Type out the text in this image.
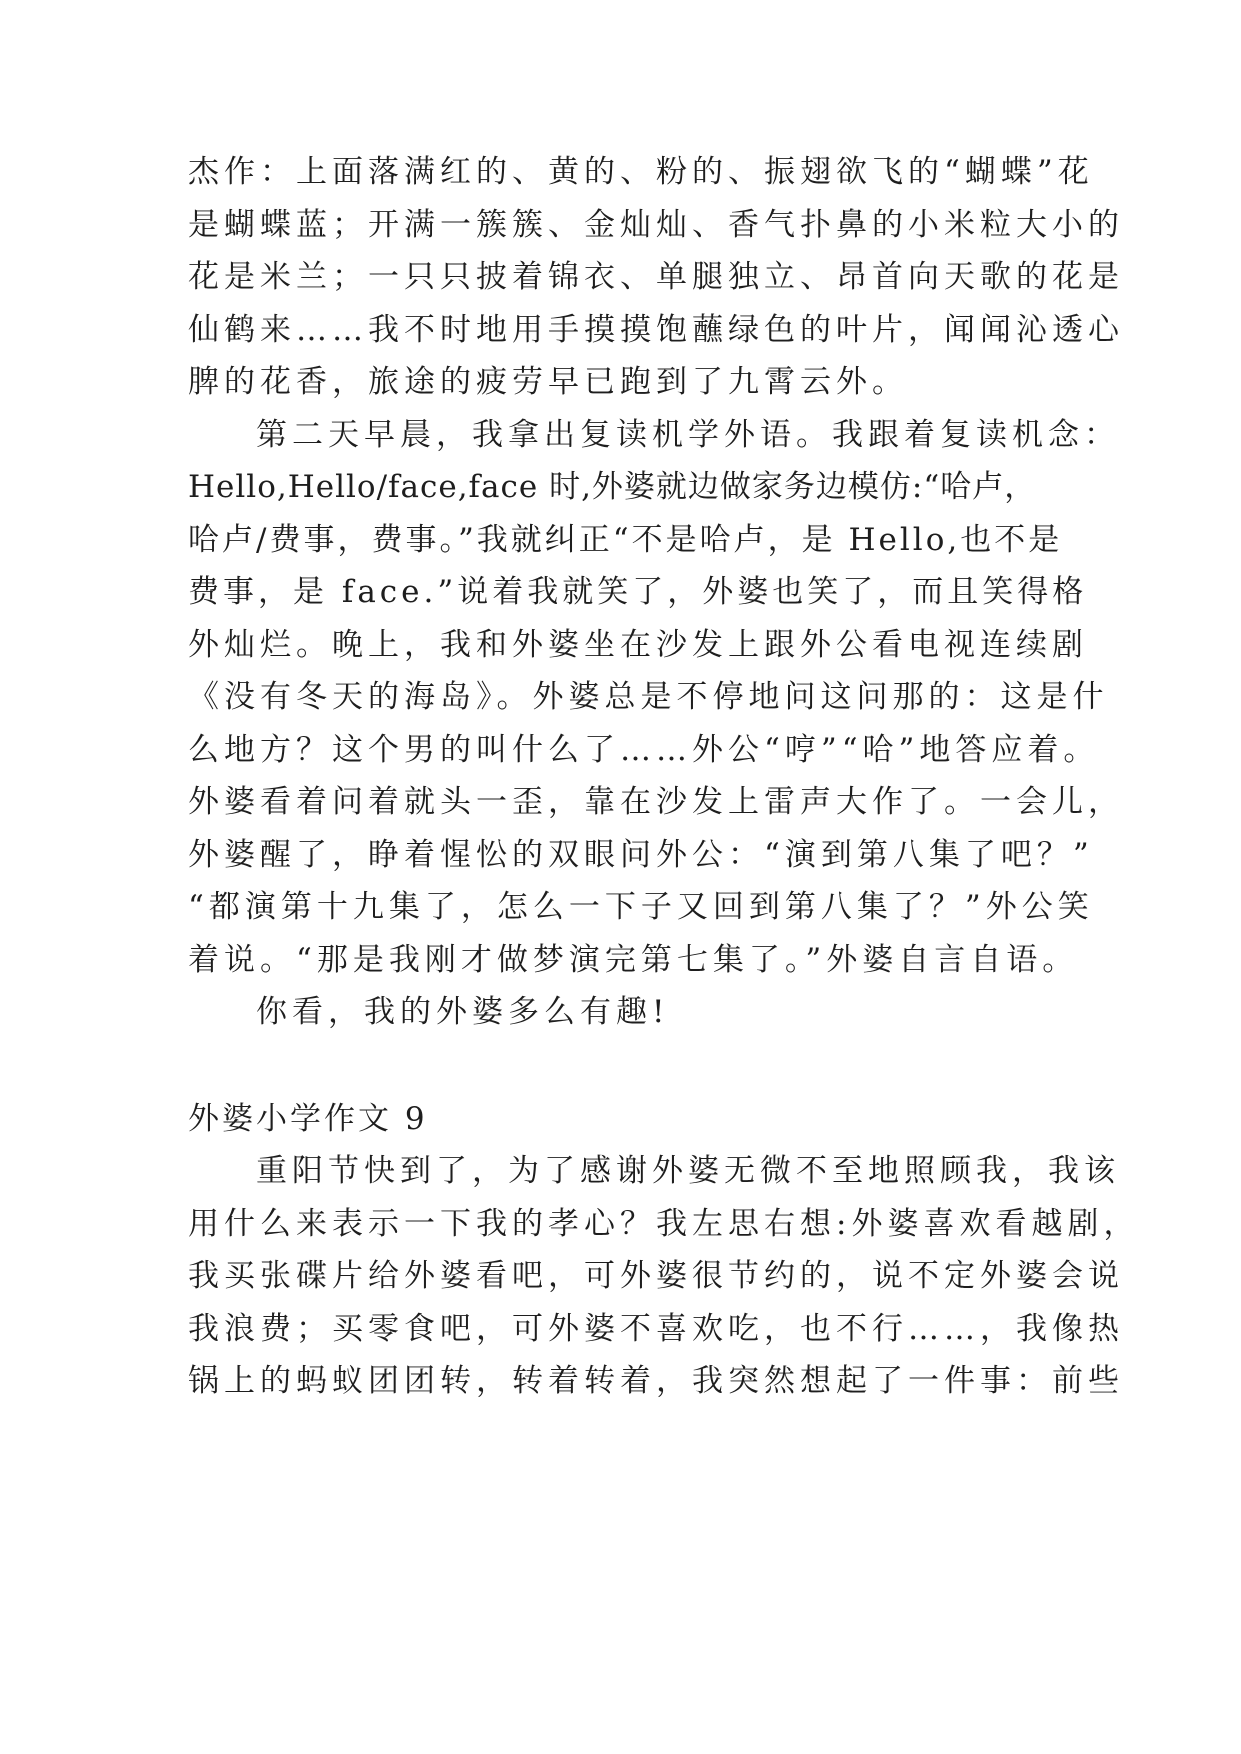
杰作：上面落满红的、黄的、粉的、振翅欲飞的“蝴蝶”花
是蝴蝶蓝；开满一簇簇、金灿灿、香气扑鼻的小米粒大小的
花是米兰；一只只披着锦衣、单腿独立、昂首向天歌的花是
仙鹤来……我不时地用手摸摸饱蘸绿色的叶片，闻闻沁透心
脾的花香，旅途的疲劳早已跑到了九霄云外。
第二天早晨，我拿出复读机学外语。我跟着复读机念：
Hello,Hello/face,face 时,外婆就边做家务边模仿:“哈卢，
哈卢/费事，费事。”我就纠正“不是哈卢，是 Hello,也不是
费事，是 face.”说着我就笑了，外婆也笑了，而且笑得格
外灿烂。晚上，我和外婆坐在沙发上跟外公看电视连续剧
《没有冬天的海岛》。外婆总是不停地问这问那的：这是什
么地方？这个男的叫什么了……外公“哼”“哈”地答应着。
外婆看着问着就头一歪，靠在沙发上雷声大作了。一会儿，
外婆醒了，睁着惺忪的双眼问外公：“演到第八集了吧？”
“都演第十九集了，怎么一下子又回到第八集了？”外公笑
着说。“那是我刚才做梦演完第七集了。”外婆自言自语。
你看，我的外婆多么有趣!
外婆小学作文 9
重阳节快到了，为了感谢外婆无微不至地照顾我，我该
用什么来表示一下我的孝心？我左思右想:外婆喜欢看越剧，
我买张碟片给外婆看吧，可外婆很节约的，说不定外婆会说
我浪费；买零食吧，可外婆不喜欢吃，也不行……，我像热
锅上的蚂蚁团团转，转着转着，我突然想起了一件事：前些
